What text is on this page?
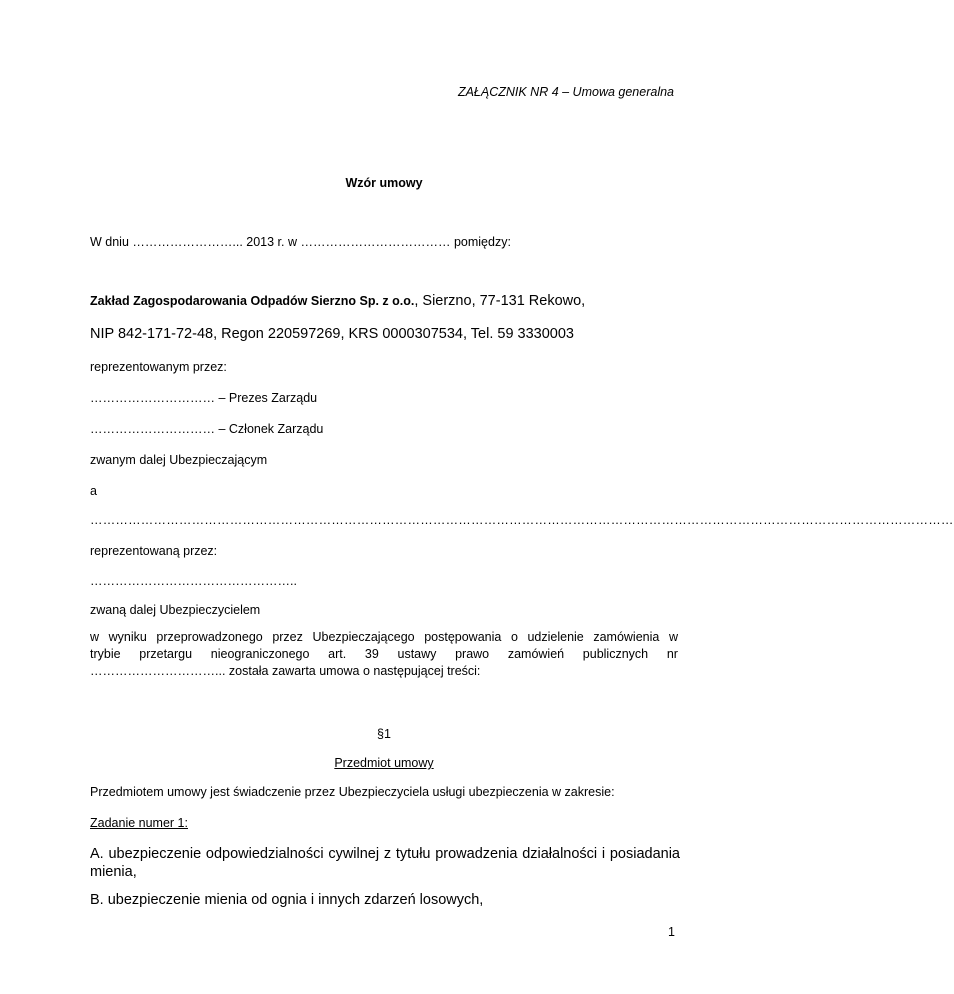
ZAŁĄCZNIK NR 4 – Umowa generalna
Wzór umowy
W dniu ……………………... 2013 r. w ……………………………… pomiędzy:
Zakład Zagospodarowania Odpadów Sierzno Sp. z o.o., Sierzno, 77-131 Rekowo,
NIP 842-171-72-48, Regon 220597269, KRS 0000307534, Tel. 59 3330003
reprezentowanym przez:
………………………… – Prezes Zarządu
………………………… – Członek Zarządu
zwanym dalej Ubezpieczającym
a
……………………………………………………………………………………………………………………………………………………………………………………
reprezentowaną przez:
…………………………………………..
zwaną dalej Ubezpieczycielem
w wyniku przeprowadzonego przez Ubezpieczającego postępowania o udzielenie zamówienia w
trybie przetargu nieograniczonego art. 39 ustawy prawo zamówień publicznych nr
…………………………... została zawarta umowa o następującej treści:
§1
Przedmiot umowy
Przedmiotem umowy jest świadczenie przez Ubezpieczyciela usługi ubezpieczenia w zakresie:
Zadanie numer 1:
A. ubezpieczenie odpowiedzialności cywilnej z tytułu prowadzenia działalności i posiadania mienia,
B. ubezpieczenie mienia od ognia i innych zdarzeń losowych,
1
